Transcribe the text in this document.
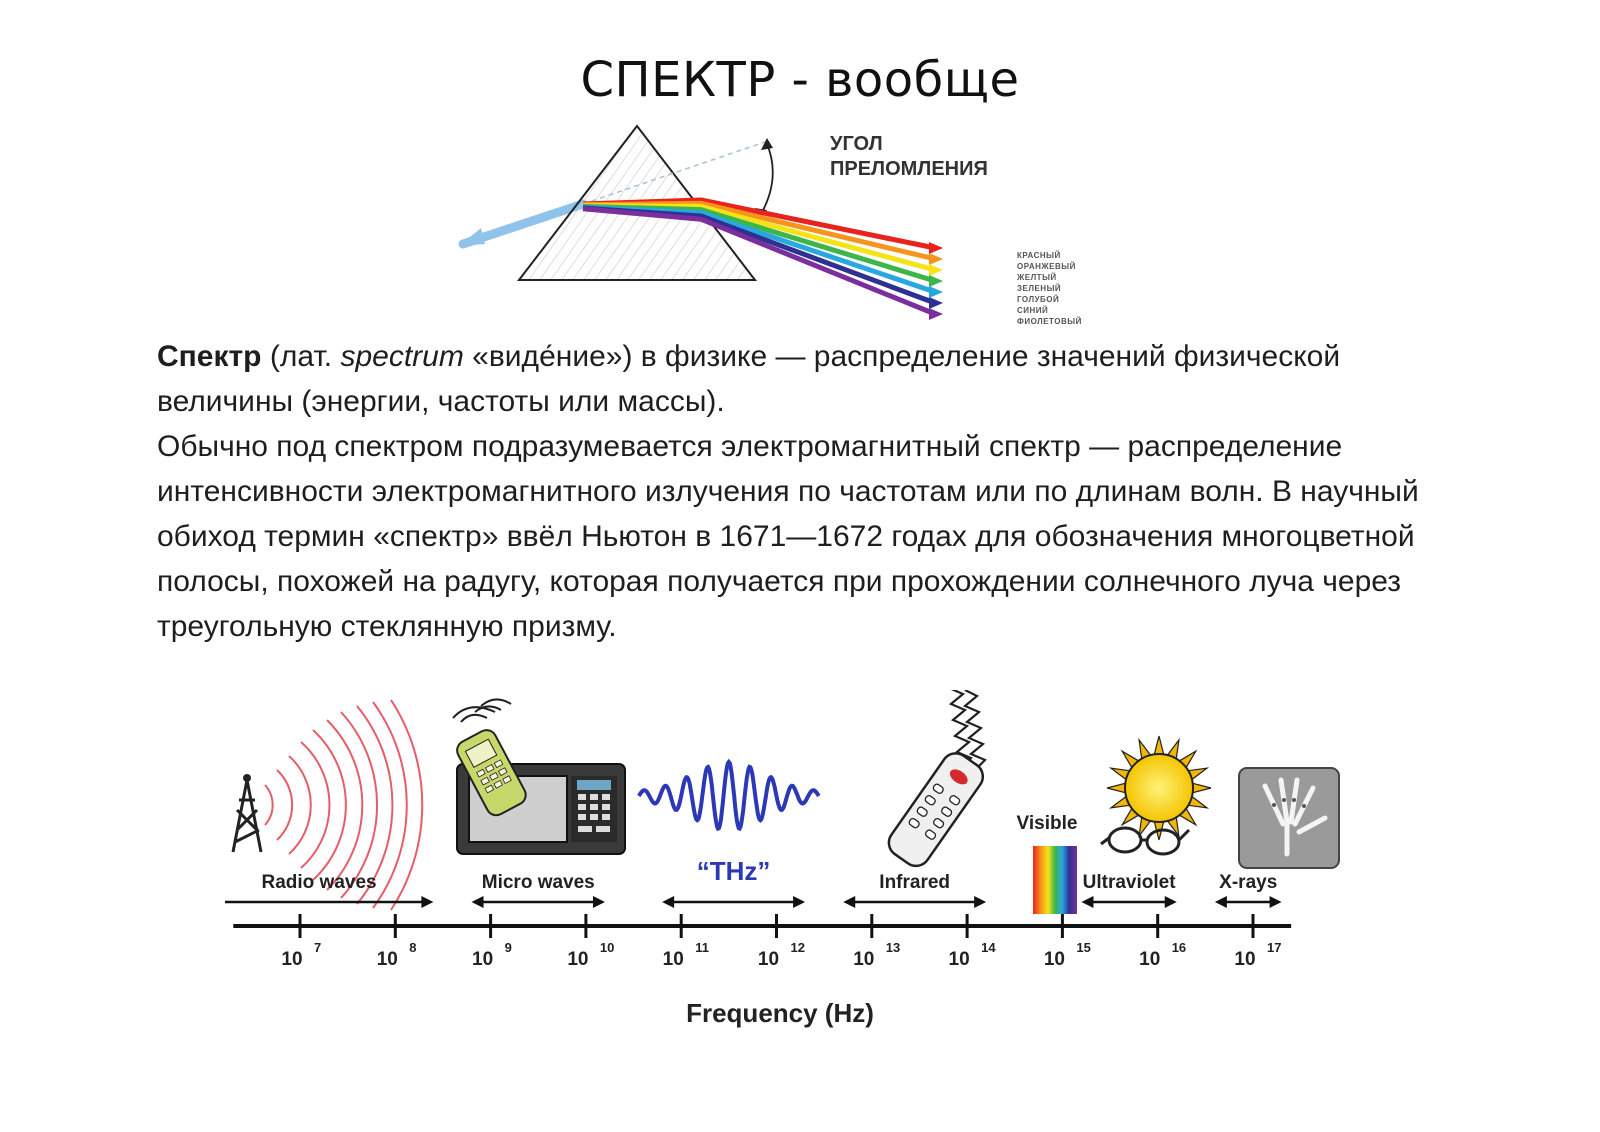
СПЕКТР - вообще
УГОЛ
ПРЕЛОМЛЕНИЯ
КРАСНЫЙ
ОРАНЖЕВЫЙ
ЖЕЛТЫЙ
ЗЕЛЕНЫЙ
ГОЛУБОЙ
СИНИЙ
ФИОЛЕТОВЫЙ
Спектр (лат. spectrum «виде́ние») в физике — распределение значений физической величины (энергии, частоты или массы).
Обычно под спектром подразумевается электромагнитный спектр — распределение интенсивности электромагнитного излучения по частотам или по длинам волн. В научный обиход термин «спектр» ввёл Ньютон в 1671—1672 годах для обозначения многоцветной полосы, похожей на радугу, которая получается при прохождении солнечного луча через треугольную стеклянную призму.
Visible
Radio waves	Micro waves	“THz”	Infrared	Ultraviolet X-rays
10
7
10
8
10
9
10
10
10
11
10
12
10
13
10
14
10
15
10
16
10
17
Frequency (Hz)
